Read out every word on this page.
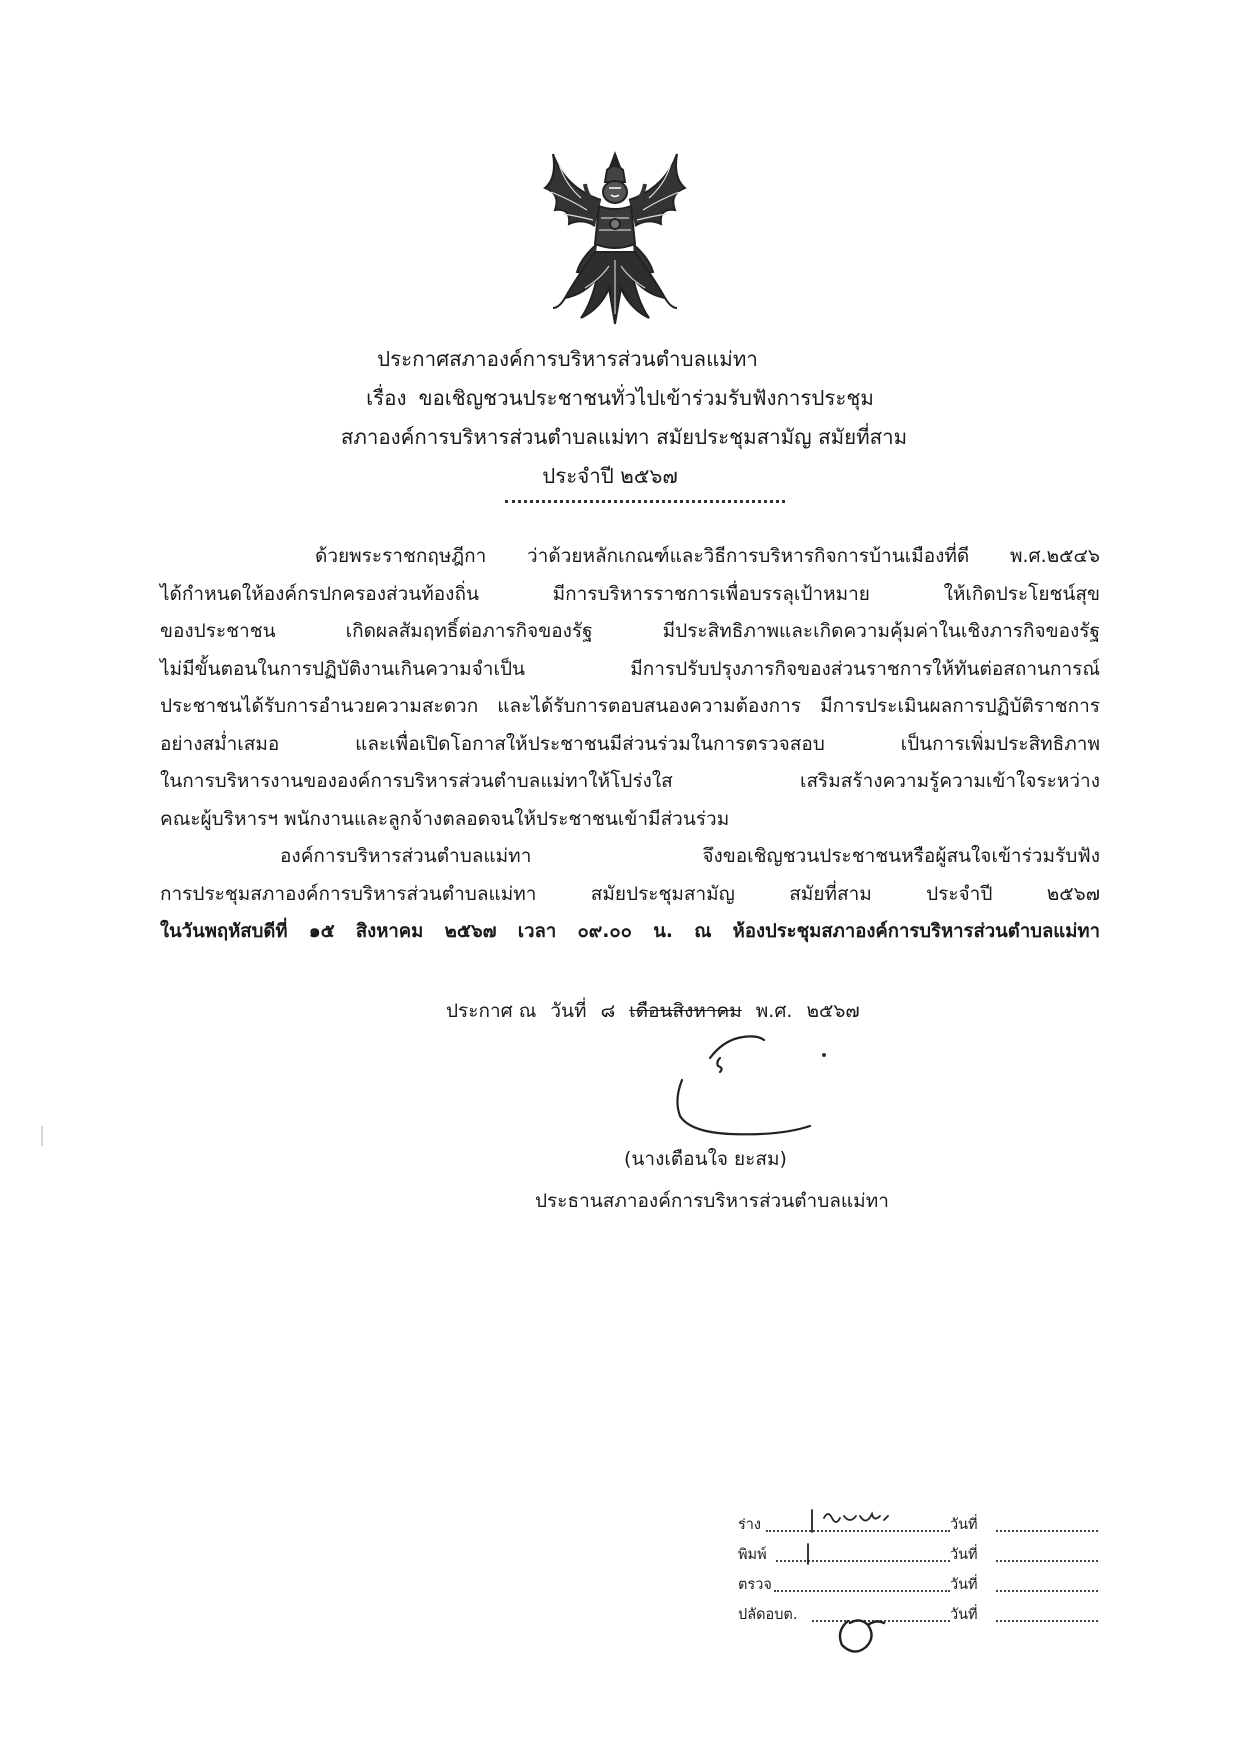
ประกาศสภาองค์การบริหารส่วนตำบลแม่ทา
เรื่อง ขอเชิญชวนประชาชนทั่วไปเข้าร่วมรับฟังการประชุม
สภาองค์การบริหารส่วนตำบลแม่ทา สมัยประชุมสามัญ สมัยที่สาม
ประจำปี ๒๕๖๗
ด้วยพระราชกฤษฎีกา ว่าด้วยหลักเกณฑ์และวิธีการบริหารกิจการบ้านเมืองที่ดี พ.ศ.๒๕๔๖
ได้กำหนดให้องค์กรปกครองส่วนท้องถิ่น มีการบริหารราชการเพื่อบรรลุเป้าหมาย ให้เกิดประโยชน์สุข
ของประชาชน เกิดผลสัมฤทธิ์ต่อภารกิจของรัฐ มีประสิทธิภาพและเกิดความคุ้มค่าในเชิงภารกิจของรัฐ
ไม่มีขั้นตอนในการปฏิบัติงานเกินความจำเป็น มีการปรับปรุงภารกิจของส่วนราชการให้ทันต่อสถานการณ์
ประชาชนได้รับการอำนวยความสะดวก และได้รับการตอบสนองความต้องการ มีการประเมินผลการปฏิบัติราชการ
อย่างสม่ำเสมอ และเพื่อเปิดโอกาสให้ประชาชนมีส่วนร่วมในการตรวจสอบ เป็นการเพิ่มประสิทธิภาพ
ในการบริหารงานขององค์การบริหารส่วนตำบลแม่ทาให้โปร่งใส เสริมสร้างความรู้ความเข้าใจระหว่าง
คณะผู้บริหารฯ พนักงานและลูกจ้างตลอดจนให้ประชาชนเข้ามีส่วนร่วม
องค์การบริหารส่วนตำบลแม่ทา จึงขอเชิญชวนประชาชนหรือผู้สนใจเข้าร่วมรับฟัง
การประชุมสภาองค์การบริหารส่วนตำบลแม่ทา สมัยประชุมสามัญ สมัยที่สาม ประจำปี ๒๕๖๗
ในวันพฤหัสบดีที่ ๑๕ สิงหาคม ๒๕๖๗ เวลา ๐๙.๐๐ น. ณ ห้องประชุมสภาองค์การบริหารส่วนตำบลแม่ทา
ประกาศ ณ วันที่ ๘ เดือนสิงหาคม พ.ศ. ๒๕๖๗
(นางเตือนใจ ยะสม)
ประธานสภาองค์การบริหารส่วนตำบลแม่ทา
ร่าง	วันที่
พิมพ์	วันที่
ตรวจ	วันที่
ปลัดอบต.	วันที่
